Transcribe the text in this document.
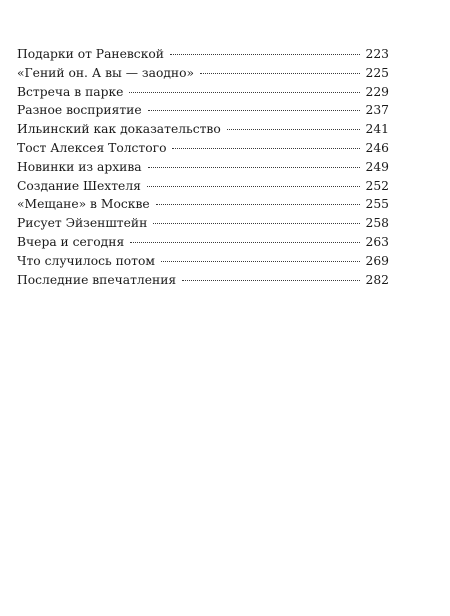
Подарки от Раневской	223
«Гений он. А вы — заодно»	225
Встреча в парке	229
Разное восприятие	237
Ильинский как доказательство	241
Тост Алексея Толстого	246
Новинки из архива	249
Создание Шехтеля	252
«Мещане» в Москве	255
Рисует Эйзенштейн	258
Вчера и сегодня	263
Что случилось потом	269
Последние впечатления	282
